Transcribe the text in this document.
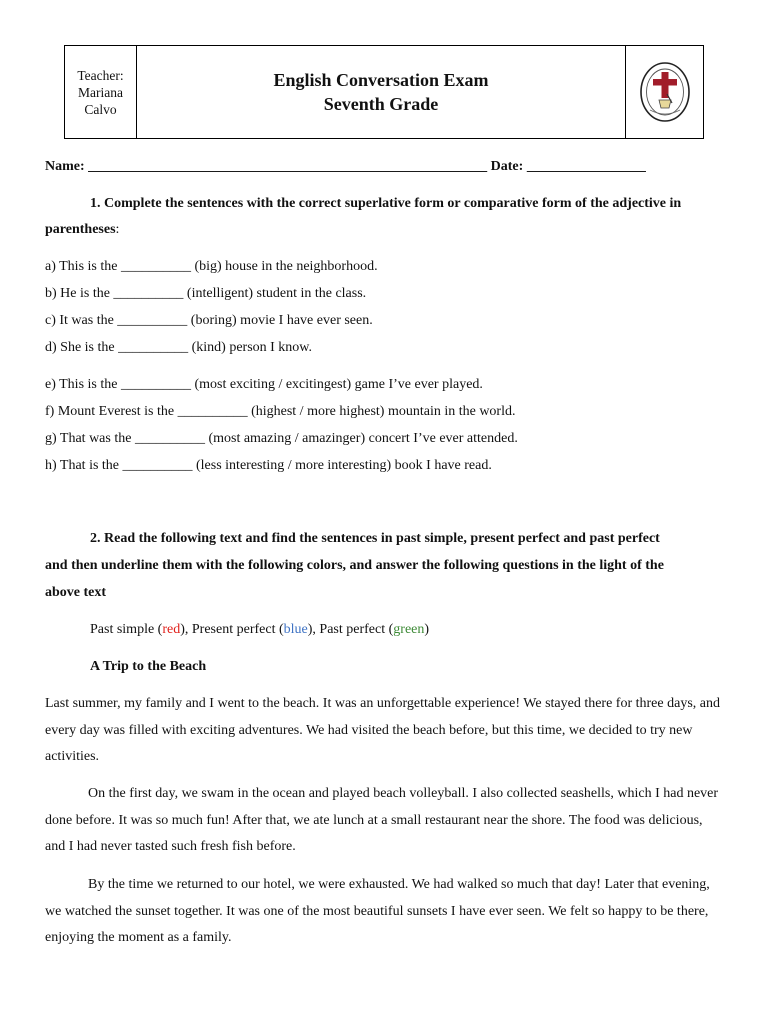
Teacher:
Mariana
Calvo
English Conversation Exam
Seventh Grade
Name: _________________________________________________________ Date: _________________
1. Complete the sentences with the correct superlative form or comparative form of the adjective in
parentheses:
a) This is the __________ (big) house in the neighborhood.
b) He is the __________ (intelligent) student in the class.
c) It was the __________ (boring) movie I have ever seen.
d) She is the __________ (kind) person I know.
e) This is the __________ (most exciting / excitingest) game I’ve ever played.
f) Mount Everest is the __________ (highest / more highest) mountain in the world.
g) That was the __________ (most amazing / amazinger) concert I’ve ever attended.
h) That is the __________ (less interesting / more interesting) book I have read.
2. Read the following text and find the sentences in past simple, present perfect and past perfect
and then underline them with the following colors, and answer the following questions in the light of the
above text
Past simple (red), Present perfect (blue), Past perfect (green)
A Trip to the Beach
Last summer, my family and I went to the beach. It was an unforgettable experience! We stayed there for three days, and every day was filled with exciting adventures. We had visited the beach before, but this time, we decided to try new activities.
On the first day, we swam in the ocean and played beach volleyball. I also collected seashells, which I had never done before. It was so much fun! After that, we ate lunch at a small restaurant near the shore. The food was delicious, and I had never tasted such fresh fish before.
By the time we returned to our hotel, we were exhausted. We had walked so much that day! Later that evening, we watched the sunset together. It was one of the most beautiful sunsets I have ever seen. We felt so happy to be there, enjoying the moment as a family.
